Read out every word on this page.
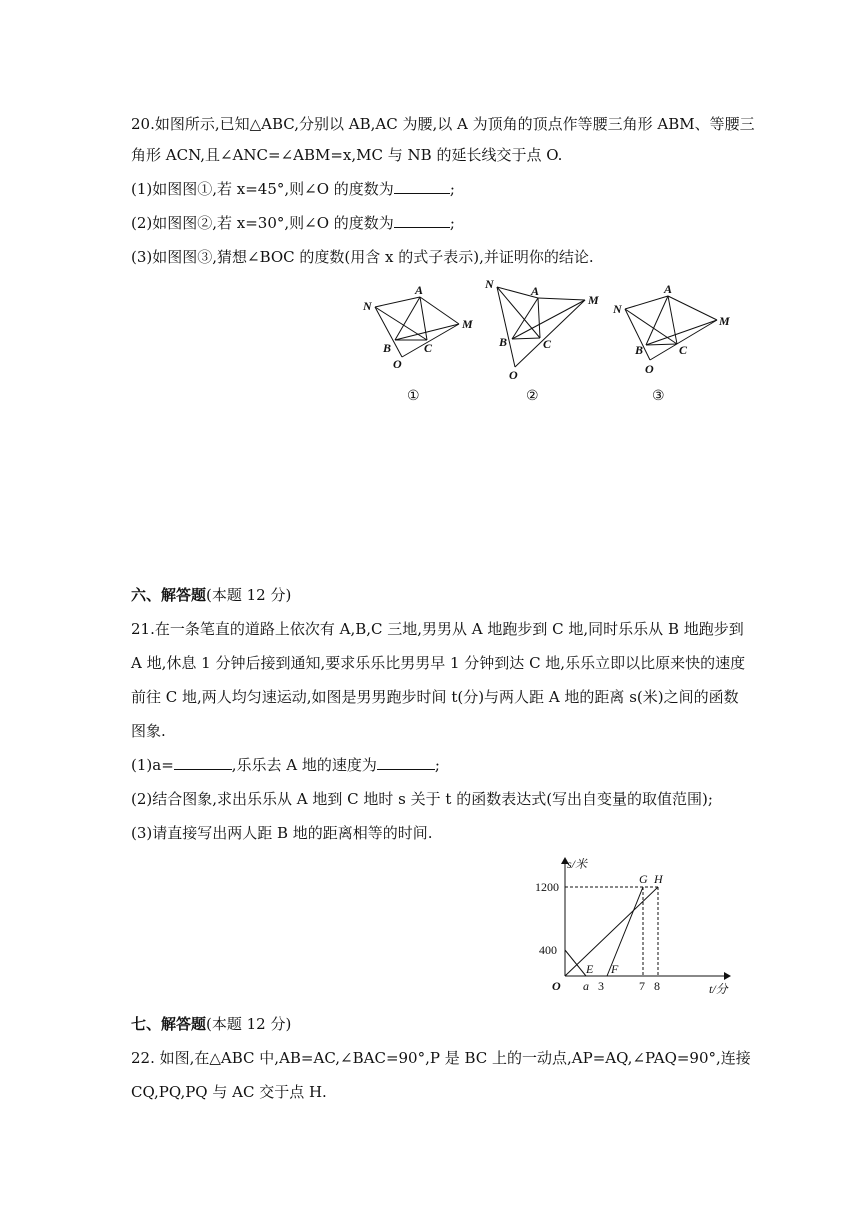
20.如图所示,已知△ABC,分别以 AB,AC 为腰,以 A 为顶角的顶点作等腰三角形 ABM、等腰三
角形 ACN,且∠ANC=∠ABM=x,MC 与 NB 的延长线交于点 O.
(1)如图图①,若 x=45°,则∠O 的度数为	;
(2)如图图②,若 x=30°,则∠O 的度数为	;
(3)如图图③,猜想∠BOC 的度数(用含 x 的式子表示),并证明你的结论.
N
A
M
B	C
O
①
N	A
M
B	C
O
②
N
A
M
B	C
O
③
六、解答题(本题 12 分)
21.在一条笔直的道路上依次有 A,B,C 三地,男男从 A 地跑步到 C 地,同时乐乐从 B 地跑步到
A 地,休息 1 分钟后接到通知,要求乐乐比男男早 1 分钟到达 C 地,乐乐立即以比原来快的速度
前往 C 地,两人均匀速运动,如图是男男跑步时间 t(分)与两人距 A 地的距离 s(米)之间的函数
图象.
(1)a=	,乐乐去 A 地的速度为	;
(2)结合图象,求出乐乐从 A 地到 C 地时 s 关于 t 的函数表达式(写出自变量的取值范围);
(3)请直接写出两人距 B 地的距离相等的时间.
s/米
t/分
1200
400
O a 3	7 8
E F
G H
七、解答题(本题 12 分)
22. 如图,在△ABC 中,AB=AC,∠BAC=90°,P 是 BC 上的一动点,AP=AQ,∠PAQ=90°,连接
CQ,PQ,PQ 与 AC 交于点 H.
